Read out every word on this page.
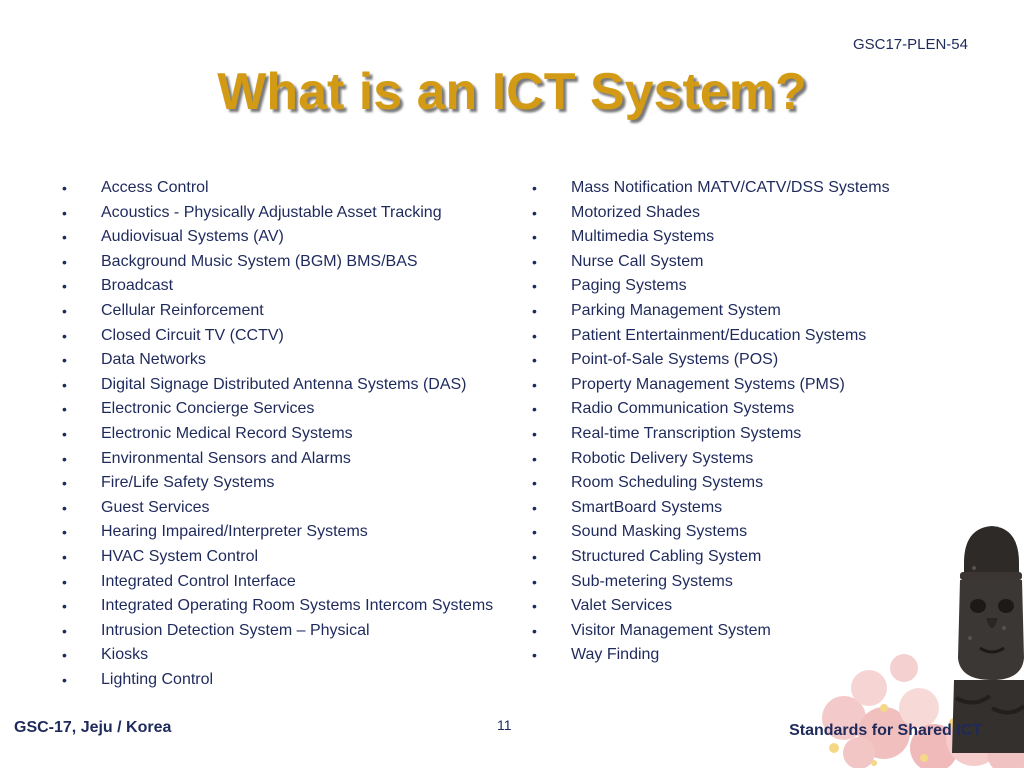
GSC17-PLEN-54
What is an ICT System?
• Access Control
• Acoustics - Physically Adjustable Asset Tracking
• Audiovisual Systems (AV)
• Background Music System (BGM) BMS/BAS
• Broadcast
• Cellular Reinforcement
• Closed Circuit TV (CCTV)
• Data Networks
• Digital Signage Distributed Antenna Systems (DAS)
• Electronic Concierge Services
• Electronic Medical Record Systems
• Environmental Sensors and Alarms
• Fire/Life Safety Systems
• Guest Services
• Hearing Impaired/Interpreter Systems
• HVAC System Control
• Integrated Control Interface
• Integrated Operating Room Systems Intercom Systems
• Intrusion Detection System – Physical
• Kiosks
• Lighting Control
• Mass Notification MATV/CATV/DSS Systems
• Motorized Shades
• Multimedia Systems
• Nurse Call System
• Paging Systems
• Parking Management System
• Patient Entertainment/Education Systems
• Point-of-Sale Systems (POS)
• Property Management Systems (PMS)
• Radio Communication Systems
• Real-time Transcription Systems
• Robotic Delivery Systems
• Room Scheduling Systems
• SmartBoard Systems
• Sound Masking Systems
• Structured Cabling System
• Sub-metering Systems
• Valet Services
• Visitor Management System
• Way Finding
GSC-17, Jeju / Korea	11	Standards for Shared ICT
